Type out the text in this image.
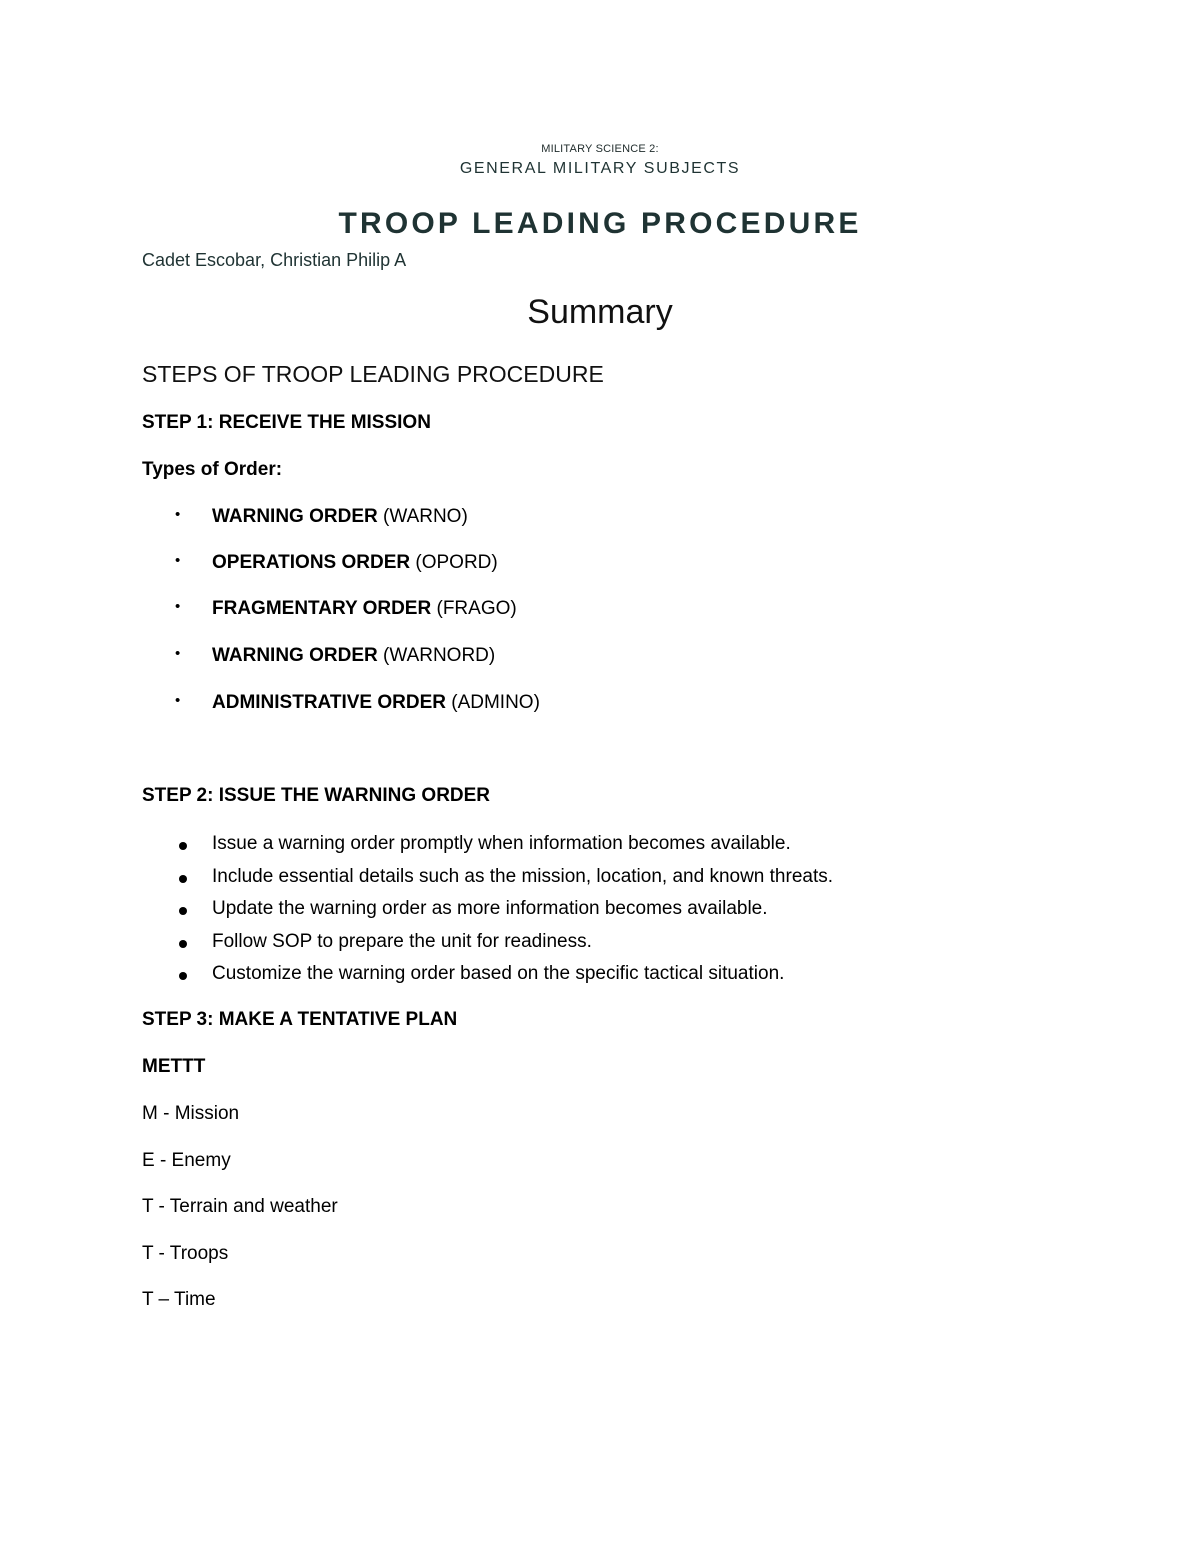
MILITARY SCIENCE 2:
GENERAL MILITARY SUBJECTS
TROOP LEADING PROCEDURE
Cadet Escobar, Christian Philip A
Summary
STEPS OF TROOP LEADING PROCEDURE
STEP 1: RECEIVE THE MISSION
Types of Order:
• WARNING ORDER (WARNO)
• OPERATIONS ORDER (OPORD)
• FRAGMENTARY ORDER (FRAGO)
• WARNING ORDER (WARNORD)
• ADMINISTRATIVE ORDER (ADMINO)
STEP 2: ISSUE THE WARNING ORDER
Issue a warning order promptly when information becomes available.
Include essential details such as the mission, location, and known threats.
Update the warning order as more information becomes available.
Follow SOP to prepare the unit for readiness.
Customize the warning order based on the specific tactical situation.
STEP 3: MAKE A TENTATIVE PLAN
METTT
M - Mission
E - Enemy
T - Terrain and weather
T - Troops
T – Time
